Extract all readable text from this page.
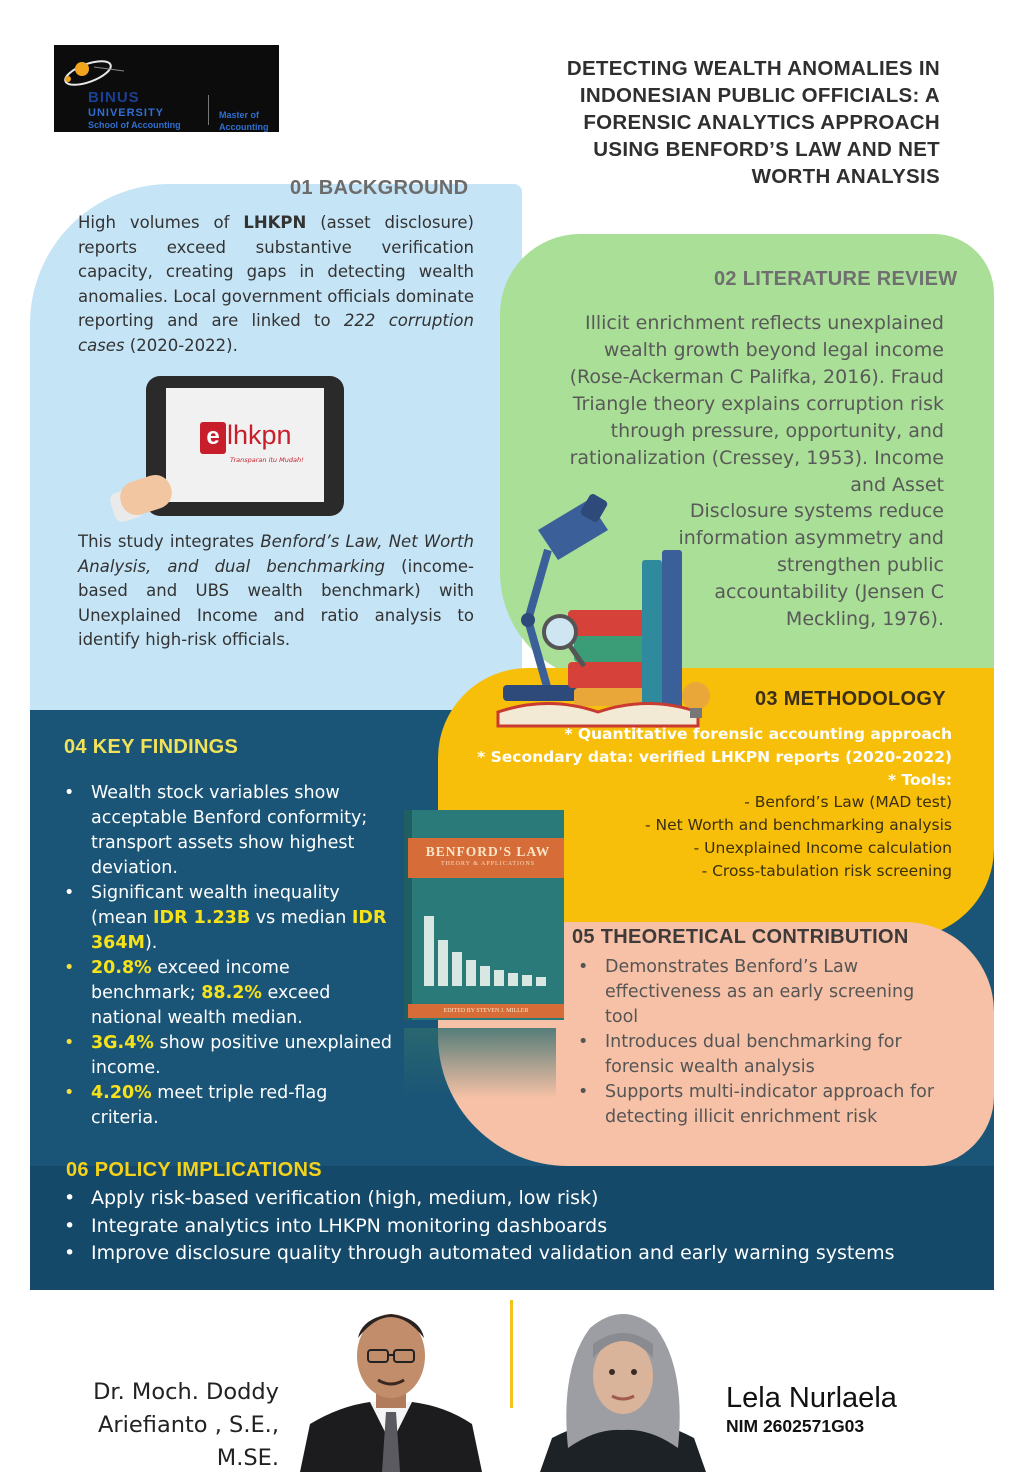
BINUS
UNIVERSITY
School of Accounting
Master of Accounting
DETECTING WEALTH ANOMALIES IN INDONESIAN PUBLIC OFFICIALS: A FORENSIC ANALYTICS APPROACH USING BENFORD’S LAW AND NET WORTH ANALYSIS
01 BACKGROUND
High volumes of LHKPN (asset disclosure) reports exceed substantive verification capacity, creating gaps in detecting wealth anomalies. Local government officials dominate reporting and are linked to 222 corruption cases (2020-2022).
e lhkpn
Transparan itu Mudah!
This study integrates Benford’s Law, Net Worth Analysis, and dual benchmarking (income-based and UBS wealth benchmark) with Unexplained Income and ratio analysis to identify high-risk officials.
02 LITERATURE REVIEW
Illicit enrichment reflects unexplained wealth growth beyond legal income (Rose-Ackerman C Palifka, 2016). Fraud Triangle theory explains corruption risk through pressure, opportunity, and rationalization (Cressey, 1953). Income and Asset
Disclosure systems reduce information asymmetry and strengthen public accountability (Jensen C Meckling, 1976).
03 METHODOLOGY
* Quantitative forensic accounting approach
* Secondary data: verified LHKPN reports (2020-2022)
* Tools:
- Benford’s Law (MAD test)
- Net Worth and benchmarking analysis
- Unexplained Income calculation
- Cross-tabulation risk screening
04 KEY FINDINGS
• Wealth stock variables show acceptable Benford conformity; transport assets show highest deviation.
• Significant wealth inequality (mean IDR 1.23B vs median IDR 364M).
• 20.8% exceed income benchmark; 88.2% exceed national wealth median.
• 3G.4% show positive unexplained income.
• 4.20% meet triple red-flag criteria.
BENFORD'S LAW
THEORY & APPLICATIONS
EDITED BY STEVEN J. MILLER
05 THEORETICAL CONTRIBUTION
• Demonstrates Benford’s Law effectiveness as an early screening tool
• Introduces dual benchmarking for forensic wealth analysis
• Supports multi-indicator approach for detecting illicit enrichment risk
06 POLICY IMPLICATIONS
• Apply risk-based verification (high, medium, low risk)
• Integrate analytics into LHKPN monitoring dashboards
• Improve disclosure quality through automated validation and early warning systems
Dr. Moch. Doddy
Ariefianto , S.E., M.SE.
Lela Nurlaela
NIM 2602571G03
